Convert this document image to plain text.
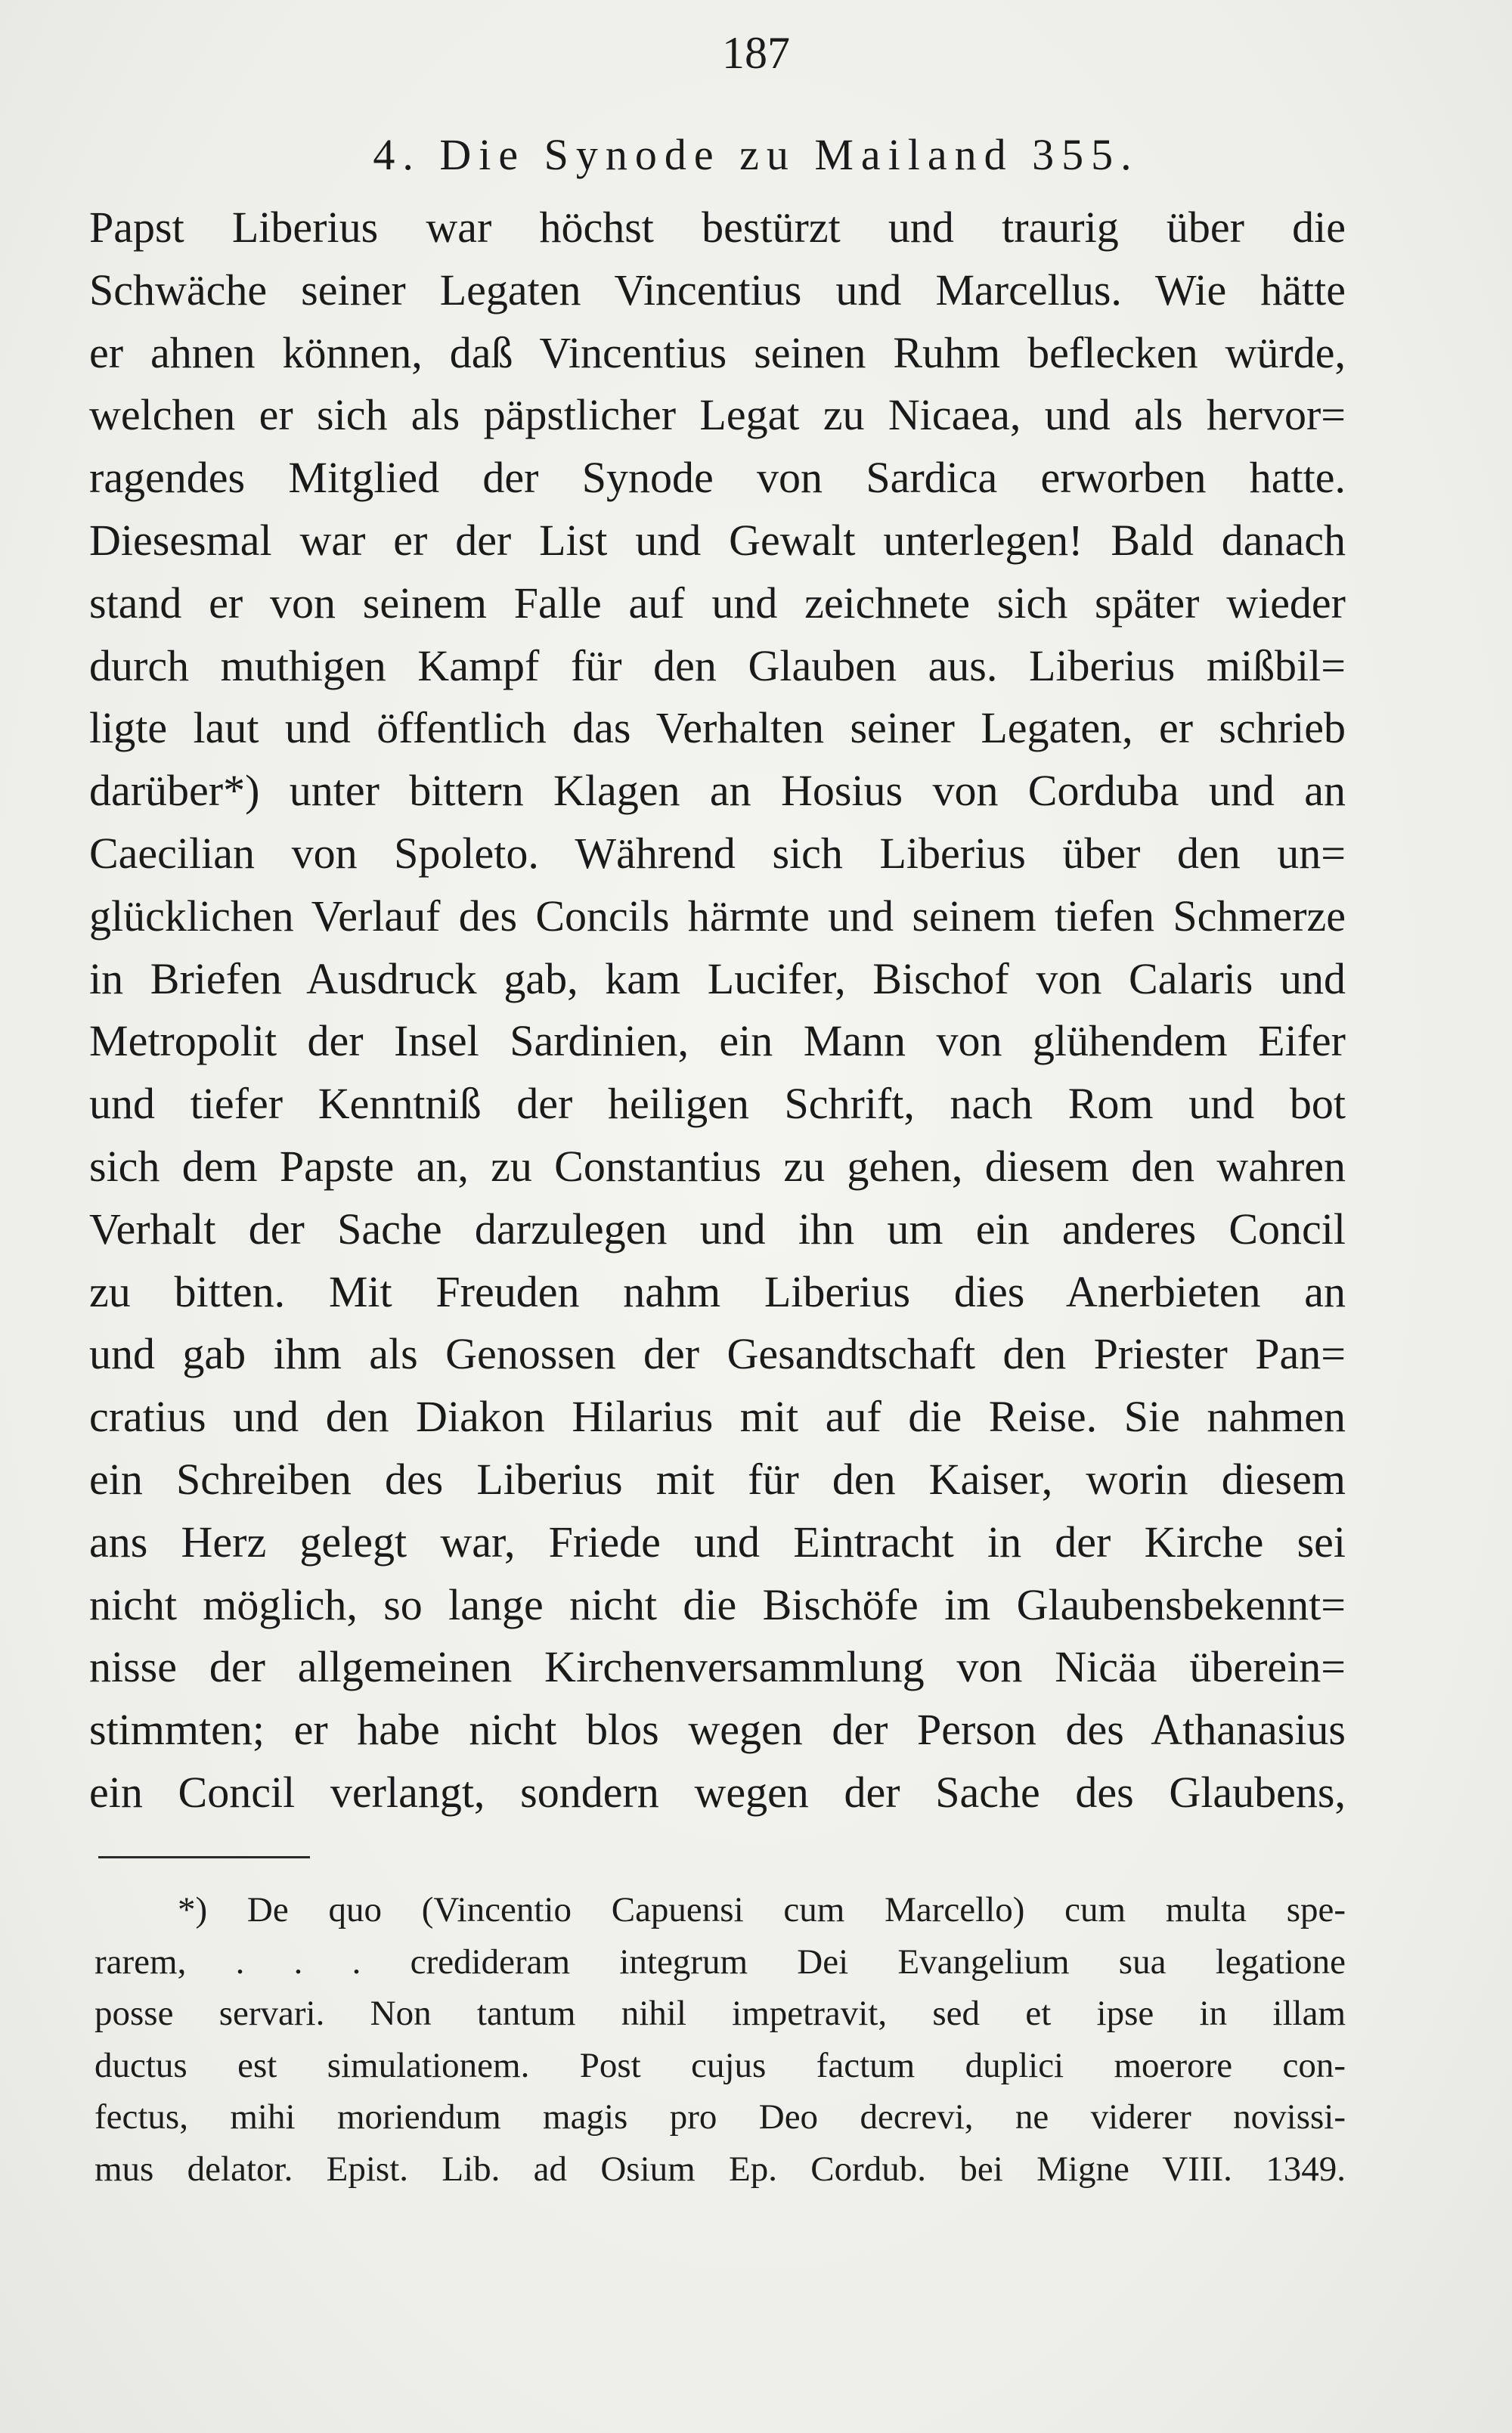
187
4. Die Synode zu Mailand 355.
Papst Liberius war höchst bestürzt und traurig über die
Schwäche seiner Legaten Vincentius und Marcellus. Wie hätte
er ahnen können, daß Vincentius seinen Ruhm beflecken würde,
welchen er sich als päpstlicher Legat zu Nicaea, und als hervor=
ragendes Mitglied der Synode von Sardica erworben hatte.
Diesesmal war er der List und Gewalt unterlegen! Bald danach
stand er von seinem Falle auf und zeichnete sich später wieder
durch muthigen Kampf für den Glauben aus. Liberius mißbil=
ligte laut und öffentlich das Verhalten seiner Legaten, er schrieb
darüber*) unter bittern Klagen an Hosius von Corduba und an
Caecilian von Spoleto. Während sich Liberius über den un=
glücklichen Verlauf des Concils härmte und seinem tiefen Schmerze
in Briefen Ausdruck gab, kam Lucifer, Bischof von Calaris und
Metropolit der Insel Sardinien, ein Mann von glühendem Eifer
und tiefer Kenntniß der heiligen Schrift, nach Rom und bot
sich dem Papste an, zu Constantius zu gehen, diesem den wahren
Verhalt der Sache darzulegen und ihn um ein anderes Concil
zu bitten. Mit Freuden nahm Liberius dies Anerbieten an
und gab ihm als Genossen der Gesandtschaft den Priester Pan=
cratius und den Diakon Hilarius mit auf die Reise. Sie nahmen
ein Schreiben des Liberius mit für den Kaiser, worin diesem
ans Herz gelegt war, Friede und Eintracht in der Kirche sei
nicht möglich, so lange nicht die Bischöfe im Glaubensbekennt=
nisse der allgemeinen Kirchenversammlung von Nicäa überein=
stimmten; er habe nicht blos wegen der Person des Athanasius
ein Concil verlangt, sondern wegen der Sache des Glaubens,
*) De quo (Vincentio Capuensi cum Marcello) cum multa spe-
rarem, . . . credideram integrum Dei Evangelium sua legatione
posse servari. Non tantum nihil impetravit, sed et ipse in illam
ductus est simulationem. Post cujus factum duplici moerore con-
fectus, mihi moriendum magis pro Deo decrevi, ne viderer novissi-
mus delator. Epist. Lib. ad Osium Ep. Cordub. bei Migne VIII. 1349.
